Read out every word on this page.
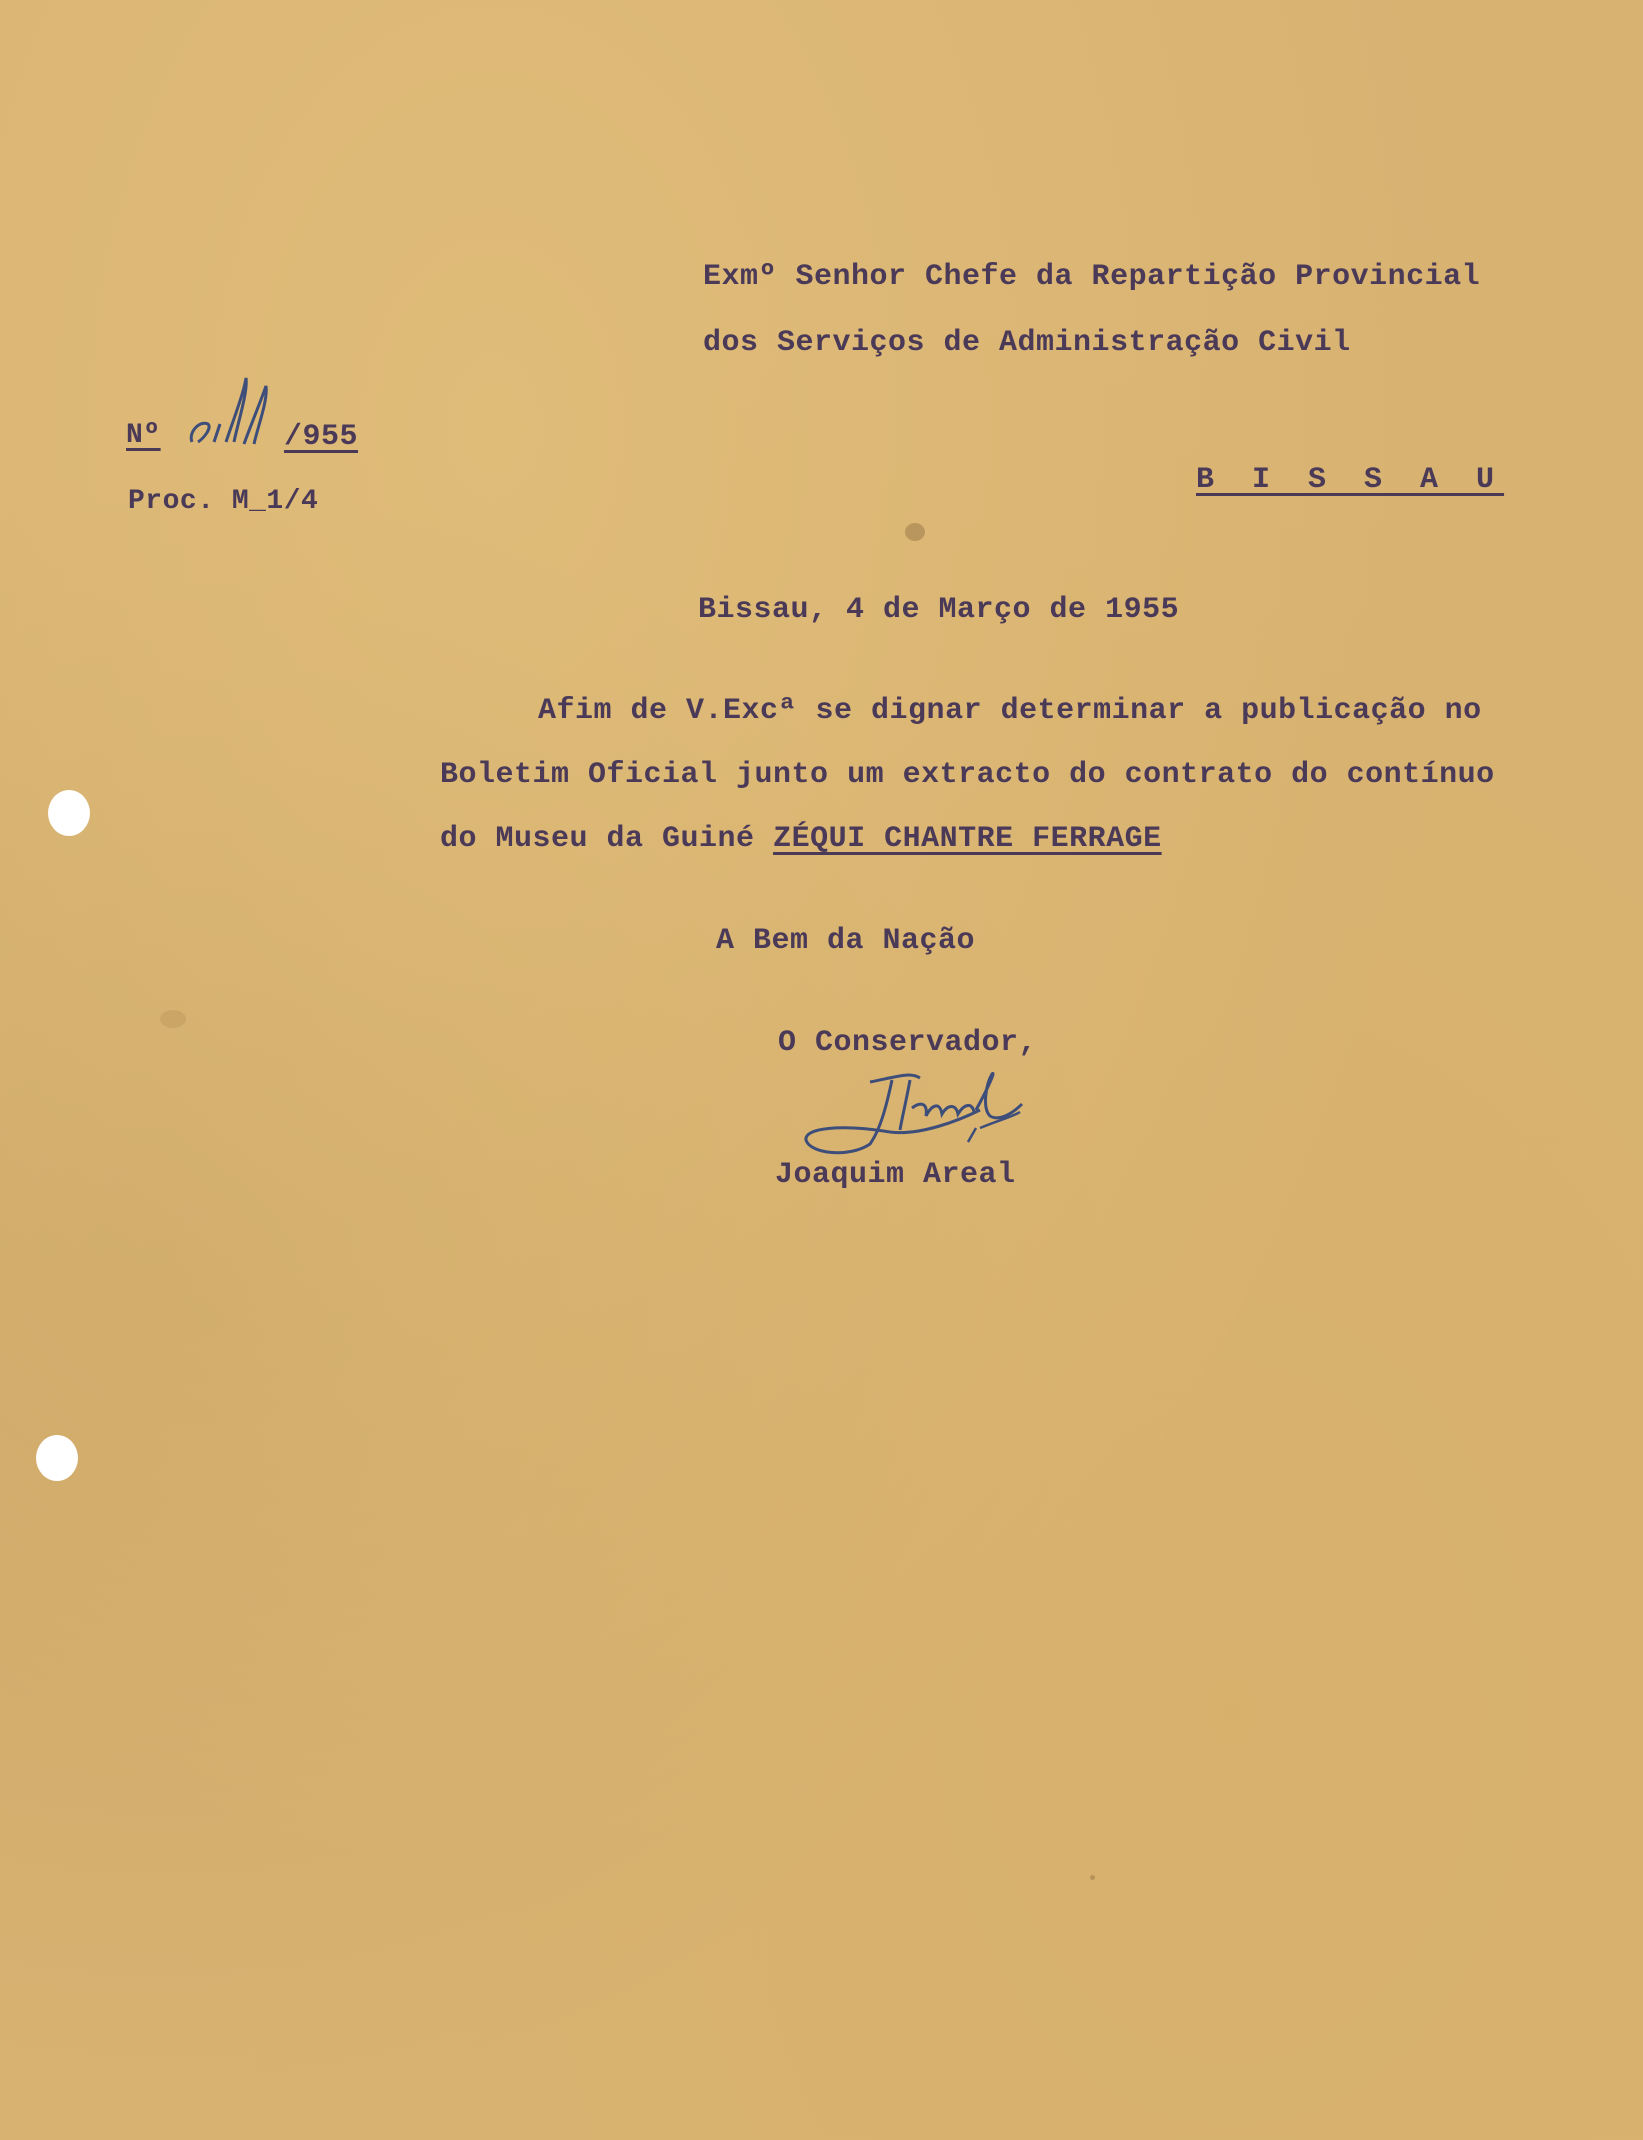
Exmº Senhor Chefe da Repartição Provincial
dos Serviços de Administração Civil
B I S S A U
Nº	/955
Proc. M_1/4
Bissau, 4 de Março de 1955
Afim de V.Excª se dignar determinar a publicação no
Boletim Oficial junto um extracto do contrato do contínuo
do Museu da Guiné ZÉQUI CHANTRE FERRAGE
A Bem da Nação
O Conservador,
Joaquim Areal
